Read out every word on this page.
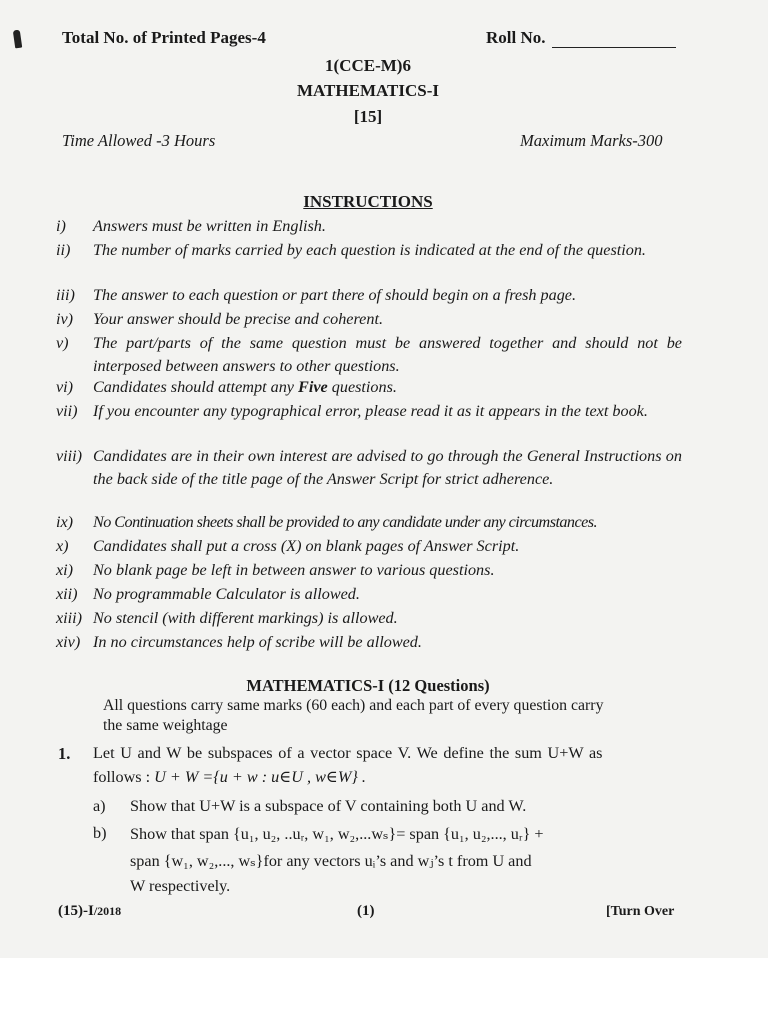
Total No. of Printed Pages-4	Roll No.
1(CCE-M)6
MATHEMATICS-I
[15]
Time Allowed -3 Hours	Maximum Marks-300
INSTRUCTIONS
i) Answers must be written in English.
ii) The number of marks carried by each question is indicated at the end of the question.
iii) The answer to each question or part there of should begin on a fresh page.
iv) Your answer should be precise and coherent.
v) The part/parts of the same question must be answered together and should not be interposed between answers to other questions.
vi) Candidates should attempt any Five questions.
vii) If you encounter any typographical error, please read it as it appears in the text book.
viii) Candidates are in their own interest are advised to go through the General Instructions on the back side of the title page of the Answer Script for strict adherence.
ix) No Continuation sheets shall be provided to any candidate under any circumstances.
x) Candidates shall put a cross (X) on blank pages of Answer Script.
xi) No blank page be left in between answer to various questions.
xii) No programmable Calculator is allowed.
xiii) No stencil (with different markings) is allowed.
xiv) In no circumstances help of scribe will be allowed.
MATHEMATICS-I (12 Questions)
All questions carry same marks (60 each) and each part of every question carry
the same weightage
1. Let U and W be subspaces of a vector space V. We define the sum U+W as
follows : U + W ={u + w : u∈U , w∈W} .
a) Show that U+W is a subspace of V containing both U and W.
b) Show that span {u₁, u₂, ..uᵣ, w₁, w₂,...wₛ}= span {u₁, u₂,..., uᵣ} +
span {w₁, w₂,..., wₛ}for any vectors uᵢ’s and wⱼ’s t from U and
W respectively.
(15)-I/2018	(1)	[Turn Over
